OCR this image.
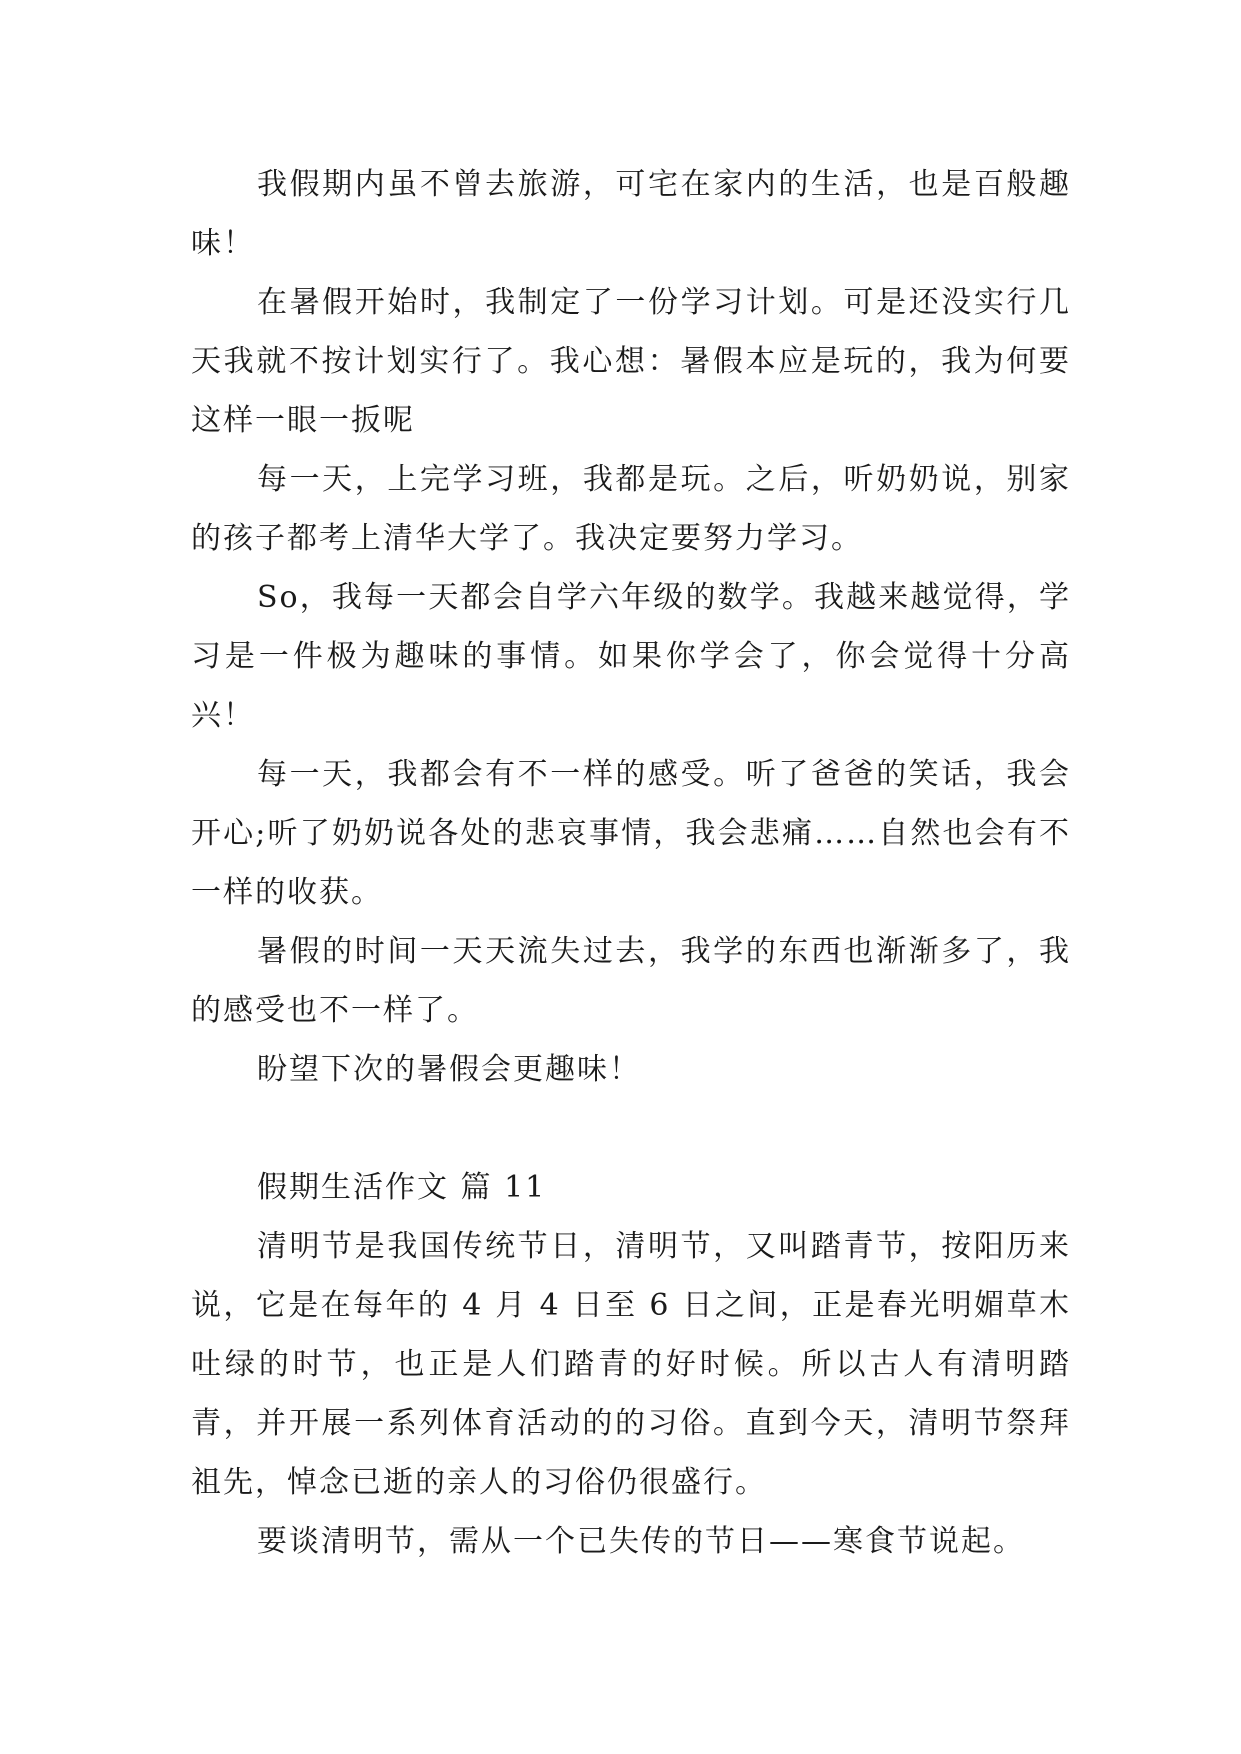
我假期内虽不曾去旅游，可宅在家内的生活，也是百般趣味！

在暑假开始时，我制定了一份学习计划。可是还没实行几天我就不按计划实行了。我心想：暑假本应是玩的，我为何要这样一眼一扳呢

每一天，上完学习班，我都是玩。之后，听奶奶说，别家的孩子都考上清华大学了。我决定要努力学习。

So，我每一天都会自学六年级的数学。我越来越觉得，学习是一件极为趣味的事情。如果你学会了，你会觉得十分高兴！

每一天，我都会有不一样的感受。听了爸爸的笑话，我会开心;听了奶奶说各处的悲哀事情，我会悲痛……自然也会有不一样的收获。

暑假的时间一天天流失过去，我学的东西也渐渐多了，我的感受也不一样了。

盼望下次的暑假会更趣味！

假期生活作文 篇 11

清明节是我国传统节日，清明节，又叫踏青节，按阳历来说，它是在每年的 4 月 4 日至 6 日之间，正是春光明媚草木吐绿的时节，也正是人们踏青的好时候。所以古人有清明踏青，并开展一系列体育活动的的习俗。直到今天，清明节祭拜祖先，悼念已逝的亲人的习俗仍很盛行。

要谈清明节，需从一个已失传的节日——寒食节说起。
